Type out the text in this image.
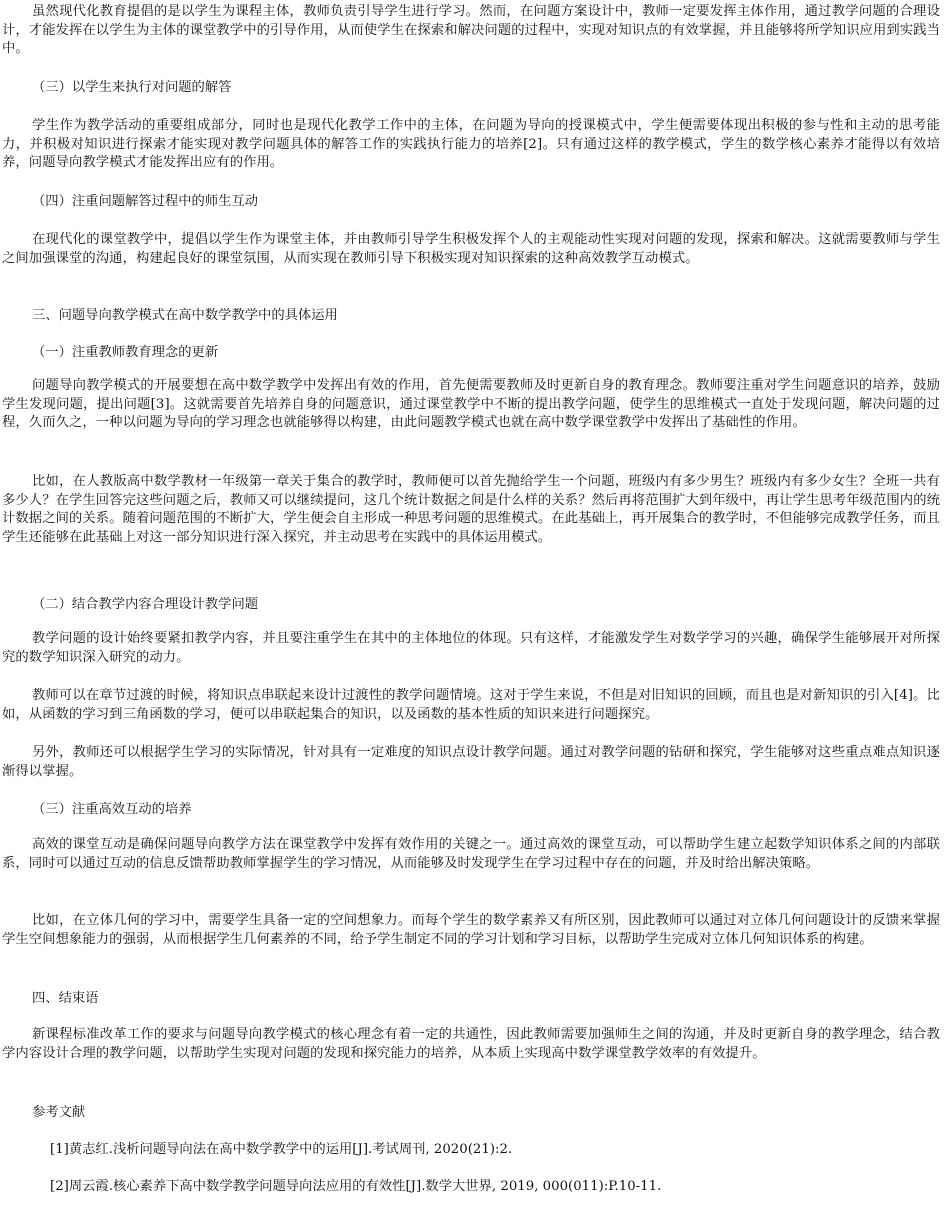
虽然现代化教育提倡的是以学生为课程主体，教师负责引导学生进行学习。然而，在问题方案设计中，教师一定要发挥主体作用，通过教学问题的合理设计，才能发挥在以学生为主体的课堂教学中的引导作用，从而使学生在探索和解决问题的过程中，实现对知识点的有效掌握，并且能够将所学知识应用到实践当中。

（三）以学生来执行对问题的解答

学生作为教学活动的重要组成部分，同时也是现代化教学工作中的主体，在问题为导向的授课模式中，学生便需要体现出积极的参与性和主动的思考能力，并积极对知识进行探索才能实现对教学问题具体的解答工作的实践执行能力的培养[2]。只有通过这样的教学模式，学生的数学核心素养才能得以有效培养，问题导向教学模式才能发挥出应有的作用。

（四）注重问题解答过程中的师生互动

在现代化的课堂教学中，提倡以学生作为课堂主体，并由教师引导学生积极发挥个人的主观能动性实现对问题的发现，探索和解决。这就需要教师与学生之间加强课堂的沟通，构建起良好的课堂氛围，从而实现在教师引导下积极实现对知识探索的这种高效教学互动模式。

三、问题导向教学模式在高中数学教学中的具体运用

（一）注重教师教育理念的更新

问题导向教学模式的开展要想在高中数学教学中发挥出有效的作用，首先便需要教师及时更新自身的教育理念。教师要注重对学生问题意识的培养，鼓励学生发现问题，提出问题[3]。这就需要首先培养自身的问题意识，通过课堂教学中不断的提出教学问题，使学生的思维模式一直处于发现问题，解决问题的过程，久而久之，一种以问题为导向的学习理念也就能够得以构建，由此问题教学模式也就在高中数学课堂教学中发挥出了基础性的作用。

比如，在人教版高中数学教材一年级第一章关于集合的教学时，教师便可以首先抛给学生一个问题，班级内有多少男生？班级内有多少女生？全班一共有多少人？在学生回答完这些问题之后，教师又可以继续提问，这几个统计数据之间是什么样的关系？然后再将范围扩大到年级中，再让学生思考年级范围内的统计数据之间的关系。随着问题范围的不断扩大，学生便会自主形成一种思考问题的思维模式。在此基础上，再开展集合的教学时，不但能够完成教学任务，而且学生还能够在此基础上对这一部分知识进行深入探究，并主动思考在实践中的具体运用模式。

（二）结合教学内容合理设计教学问题

教学问题的设计始终要紧扣教学内容，并且要注重学生在其中的主体地位的体现。只有这样，才能激发学生对数学学习的兴趣，确保学生能够展开对所探究的数学知识深入研究的动力。

教师可以在章节过渡的时候，将知识点串联起来设计过渡性的教学问题情境。这对于学生来说，不但是对旧知识的回顾，而且也是对新知识的引入[4]。比如，从函数的学习到三角函数的学习，便可以串联起集合的知识，以及函数的基本性质的知识来进行问题探究。

另外，教师还可以根据学生学习的实际情况，针对具有一定难度的知识点设计教学问题。通过对教学问题的钻研和探究，学生能够对这些重点难点知识逐渐得以掌握。

（三）注重高效互动的培养

高效的课堂互动是确保问题导向教学方法在课堂教学中发挥有效作用的关键之一。通过高效的课堂互动，可以帮助学生建立起数学知识体系之间的内部联系，同时可以通过互动的信息反馈帮助教师掌握学生的学习情况，从而能够及时发现学生在学习过程中存在的问题，并及时给出解决策略。

比如，在立体几何的学习中，需要学生具备一定的空间想象力。而每个学生的数学素养又有所区别，因此教师可以通过对立体几何问题设计的反馈来掌握学生空间想象能力的强弱，从而根据学生几何素养的不同，给予学生制定不同的学习计划和学习目标，以帮助学生完成对立体几何知识体系的构建。

四、结束语

新课程标准改革工作的要求与问题导向教学模式的核心理念有着一定的共通性，因此教师需要加强师生之间的沟通，并及时更新自身的教学理念，结合教学内容设计合理的教学问题，以帮助学生实现对问题的发现和探究能力的培养，从本质上实现高中数学课堂教学效率的有效提升。

参考文献

[1]黄志红.浅析问题导向法在高中数学教学中的运用[J].考试周刊, 2020(21):2.

[2]周云霞.核心素养下高中数学教学问题导向法应用的有效性[J].数学大世界, 2019, 000(011):P.10-11.
